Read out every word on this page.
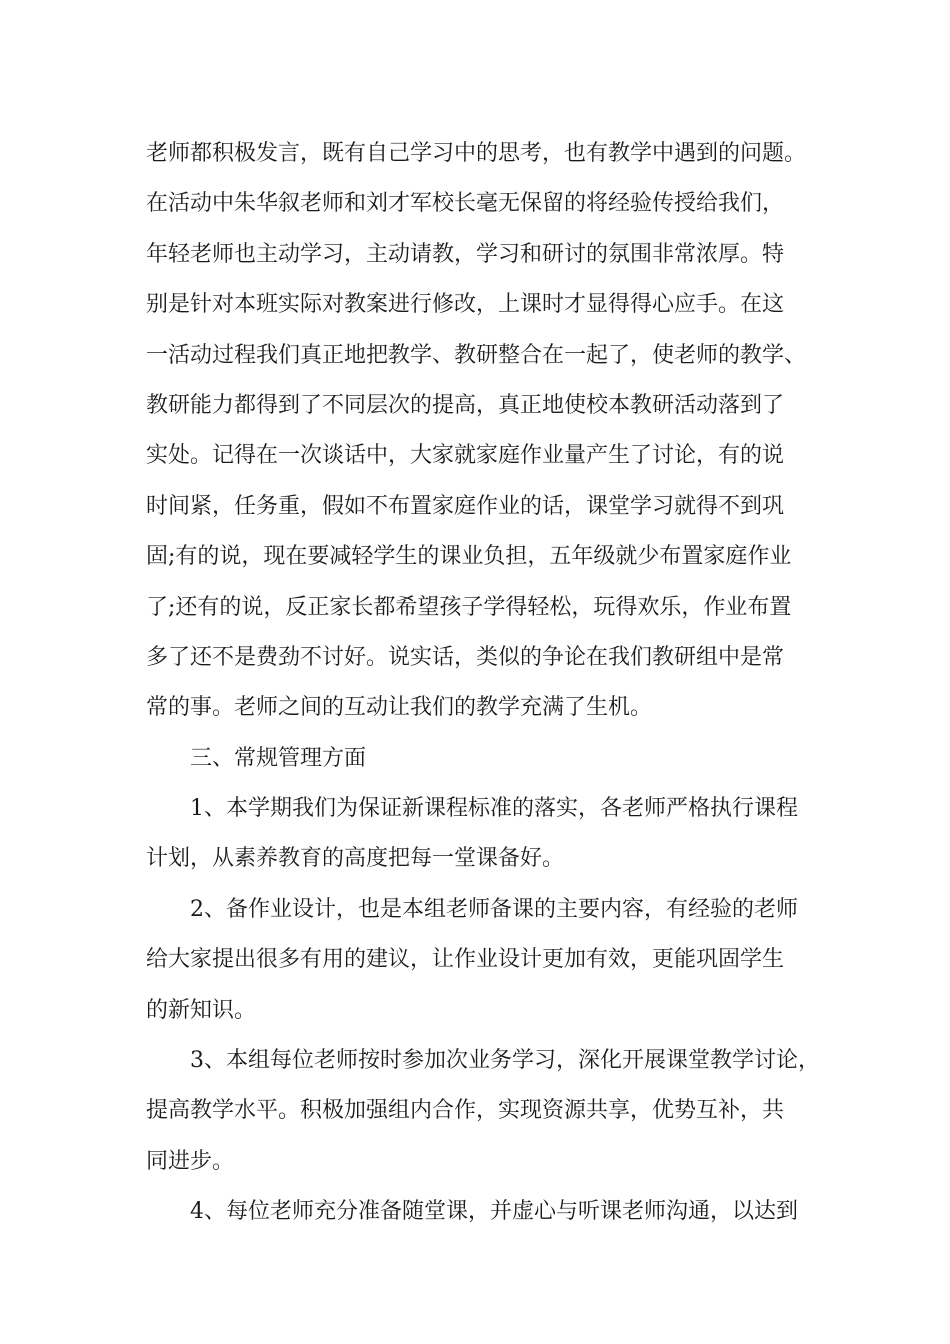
老师都积极发言，既有自己学习中的思考，也有教学中遇到的问题。
在活动中朱华叙老师和刘才军校长毫无保留的将经验传授给我们，
年轻老师也主动学习，主动请教，学习和研讨的氛围非常浓厚。特
别是针对本班实际对教案进行修改，上课时才显得得心应手。在这
一活动过程我们真正地把教学、教研整合在一起了，使老师的教学、
教研能力都得到了不同层次的提高，真正地使校本教研活动落到了
实处。记得在一次谈话中，大家就家庭作业量产生了讨论，有的说
时间紧，任务重，假如不布置家庭作业的话，课堂学习就得不到巩
固;有的说，现在要减轻学生的课业负担，五年级就少布置家庭作业
了;还有的说，反正家长都希望孩子学得轻松，玩得欢乐，作业布置
多了还不是费劲不讨好。说实话，类似的争论在我们教研组中是常
常的事。老师之间的互动让我们的教学充满了生机。
三、常规管理方面
1、本学期我们为保证新课程标准的落实，各老师严格执行课程
计划，从素养教育的高度把每一堂课备好。
2、备作业设计，也是本组老师备课的主要内容，有经验的老师
给大家提出很多有用的建议，让作业设计更加有效，更能巩固学生
的新知识。
3、本组每位老师按时参加次业务学习，深化开展课堂教学讨论，
提高教学水平。积极加强组内合作，实现资源共享，优势互补，共
同进步。
4、每位老师充分准备随堂课，并虚心与听课老师沟通，以达到
